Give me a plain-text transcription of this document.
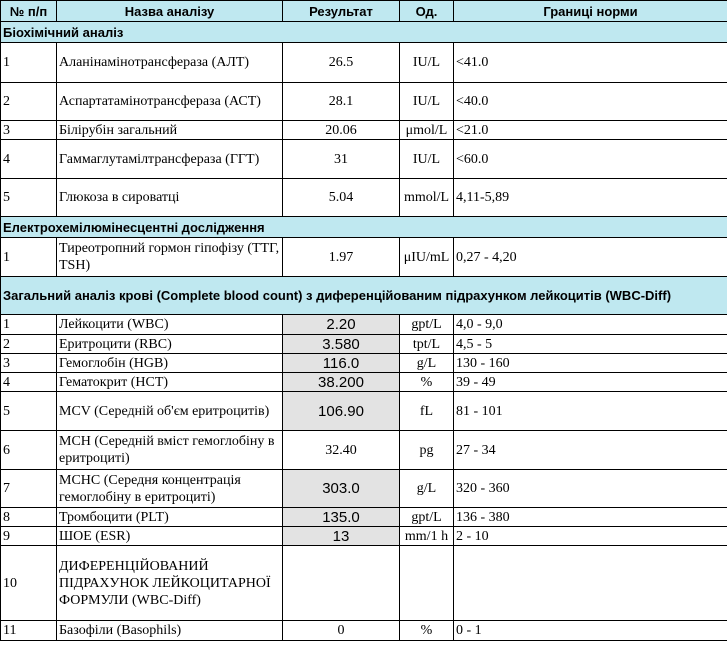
№ п/п	Назва аналізу	Результат	Од.	Границі норми
Біохімічний аналіз				
1	Аланінамінотрансфераза (АЛТ)	26.5	IU/L	<41.0
2	Аспартатамінотрансфераза (АСТ)	28.1	IU/L	<40.0
3	Білірубін загальний	20.06	μmol/L	<21.0
4	Гаммаглутамілтрансфераза (ГГТ)	31	IU/L	<60.0
5	Глюкоза в сироватці	5.04	mmol/L	4,11-5,89
Електрохемілюмінесцентні дослідження				
1	Тиреотропний гормон гіпофізу (ТТГ, TSH)	1.97	μIU/mL	0,27 - 4,20
Загальний аналіз крові (Complete blood count) з диференційованим підрахунком лейкоцитів (WBC-Diff)				
1	Лейкоцити (WBC)	2.20	gpt/L	4,0 - 9,0
2	Еритроцити (RBC)	3.580	tpt/L	4,5 - 5
3	Гемоглобін (HGB)	116.0	g/L	130 - 160
4	Гематокрит (HCT)	38.200	%	39 - 49
5	MCV (Середній об'єм еритроцитів)	106.90	fL	81 - 101
6	MCH (Середній вміст гемоглобіну в еритроциті)	32.40	pg	27 - 34
7	MCHC (Середня концентрація гемоглобіну в еритроциті)	303.0	g/L	320 - 360
8	Тромбоцити (PLT)	135.0	gpt/L	136 - 380
9	ШОЕ (ESR)	13	mm/1 h	2 - 10
10	ДИФЕРЕНЦІЙОВАНИЙ ПІДРАХУНОК ЛЕЙКОЦИТАРНОЇ ФОРМУЛИ (WBC-Diff)			
11	Базофіли (Basophils)	0	%	0 - 1
